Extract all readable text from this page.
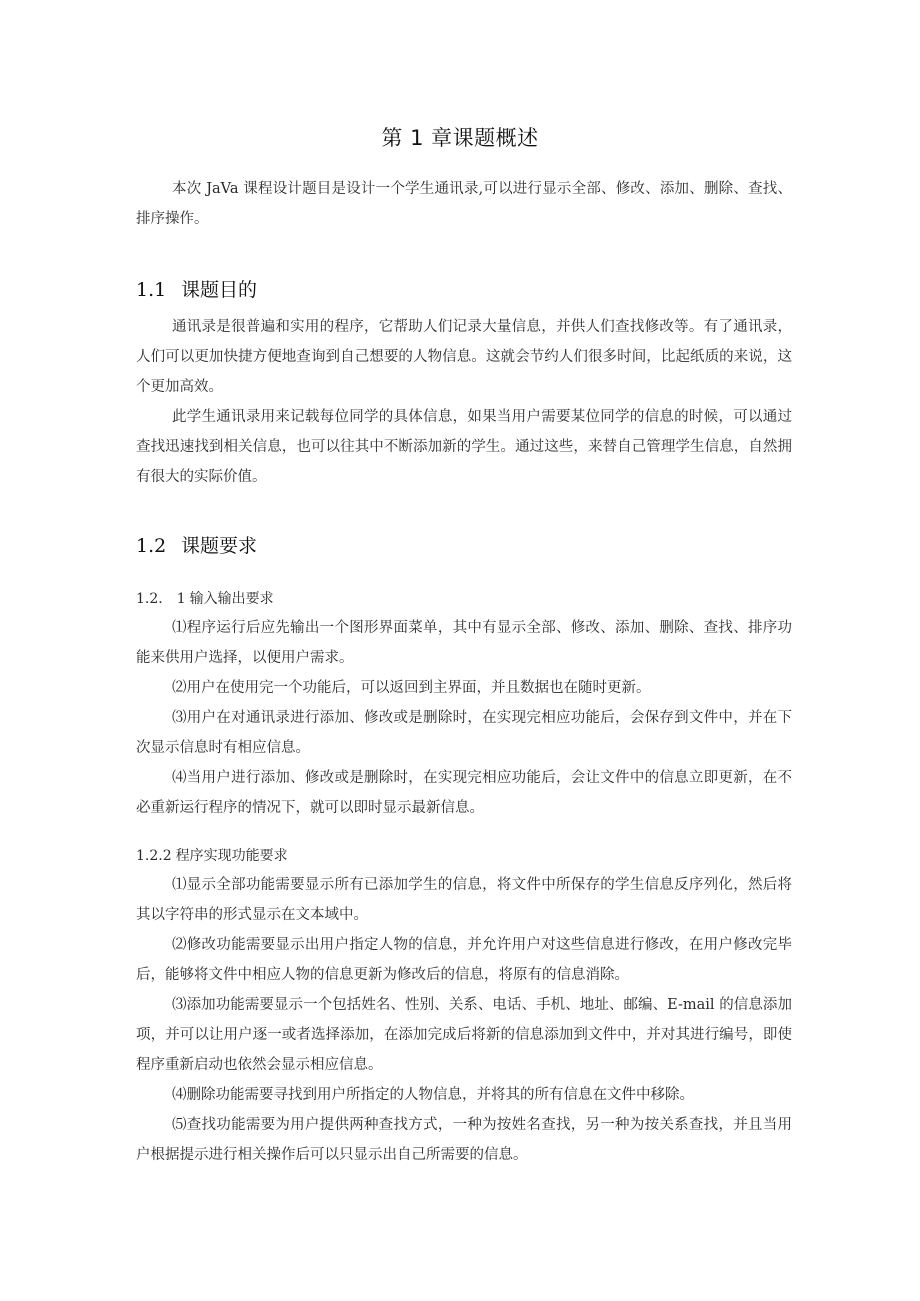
第 1 章课题概述

本次 JaVa 课程设计题目是设计一个学生通讯录,可以进行显示全部、修改、添加、删除、查找、排序操作。

1.1 课题目的

通讯录是很普遍和实用的程序，它帮助人们记录大量信息，并供人们查找修改等。有了通讯录，人们可以更加快捷方便地查询到自己想要的人物信息。这就会节约人们很多时间，比起纸质的来说，这个更加高效。

此学生通讯录用来记载每位同学的具体信息，如果当用户需要某位同学的信息的时候，可以通过查找迅速找到相关信息，也可以往其中不断添加新的学生。通过这些，来替自己管理学生信息，自然拥有很大的实际价值。

1.2 课题要求
1.2.　1 输入输出要求

⑴程序运行后应先输出一个图形界面菜单，其中有显示全部、修改、添加、删除、查找、排序功能来供用户选择，以便用户需求。

⑵用户在使用完一个功能后，可以返回到主界面，并且数据也在随时更新。

⑶用户在对通讯录进行添加、修改或是删除时，在实现完相应功能后，会保存到文件中，并在下次显示信息时有相应信息。

⑷当用户进行添加、修改或是删除时，在实现完相应功能后，会让文件中的信息立即更新，在不必重新运行程序的情况下，就可以即时显示最新信息。

1.2.2 程序实现功能要求

⑴显示全部功能需要显示所有已添加学生的信息，将文件中所保存的学生信息反序列化，然后将其以字符串的形式显示在文本域中。

⑵修改功能需要显示出用户指定人物的信息，并允许用户对这些信息进行修改，在用户修改完毕后，能够将文件中相应人物的信息更新为修改后的信息，将原有的信息消除。

⑶添加功能需要显示一个包括姓名、性别、关系、电话、手机、地址、邮编、E-mail 的信息添加项，并可以让用户逐一或者选择添加，在添加完成后将新的信息添加到文件中，并对其进行编号，即使程序重新启动也依然会显示相应信息。

⑷删除功能需要寻找到用户所指定的人物信息，并将其的所有信息在文件中移除。

⑸查找功能需要为用户提供两种查找方式，一种为按姓名查找，另一种为按关系查找，并且当用户根据提示进行相关操作后可以只显示出自己所需要的信息。
